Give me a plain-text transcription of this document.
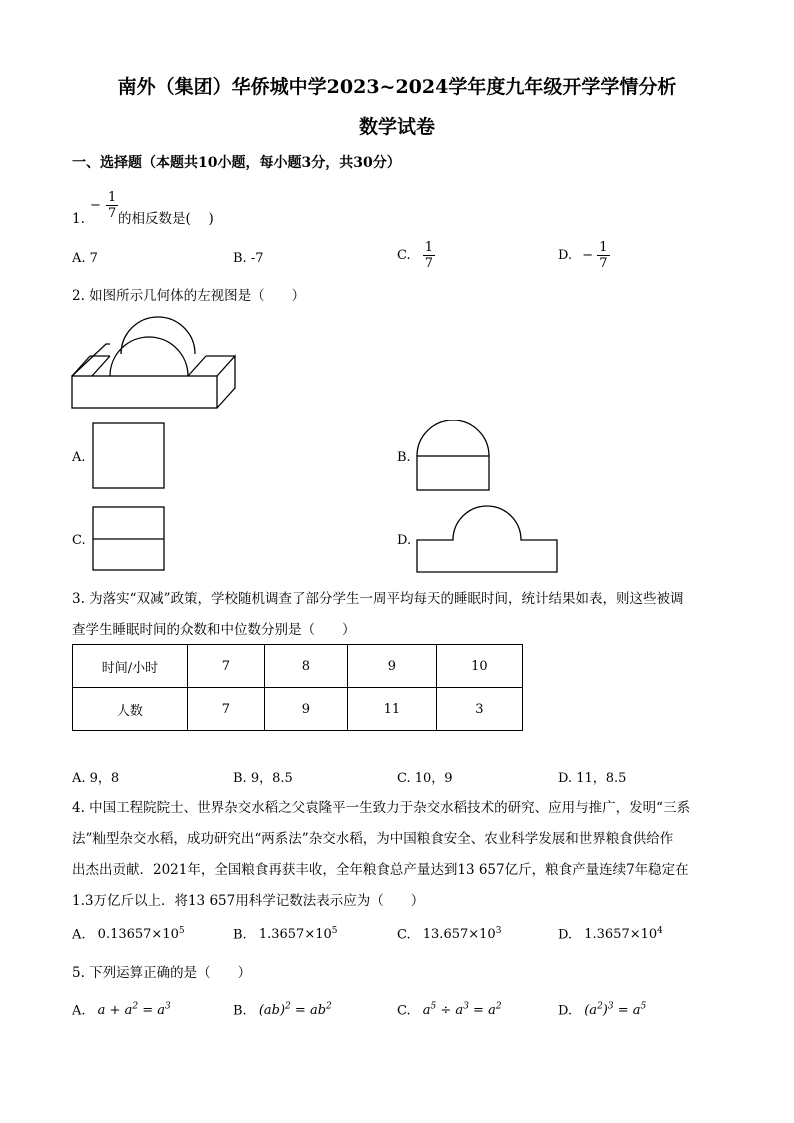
南外（集团）华侨城中学2023~2024学年度九年级开学学情分析
数学试卷
一、选择题（本题共10小题，每小题3分，共30分）
1.
− $\frac{1}{7}$ 的相反数是(　 )
A. 7	B. -7	C. $\frac{1}{7}$	D. − $\frac{1}{7}$
2. 如图所示几何体的左视图是（　　）
A.	B.
C.	D.
3. 为落实“双减”政策，学校随机调查了部分学生一周平均每天的睡眠时间，统计结果如表，则这些被调
查学生睡眠时间的众数和中位数分别是（　　）
时间/小时	7	8	9	10
人数	7	9	11	3
A. 9，8	B. 9，8.5	C. 10，9	D. 11，8.5
4. 中国工程院院士、世界杂交水稻之父袁隆平一生致力于杂交水稻技术的研究、应用与推广，发明“三系
法”籼型杂交水稻，成功研究出“两系法”杂交水稻，为中国粮食安全、农业科学发展和世界粮食供给作
出杰出贡献．2021年，全国粮食再获丰收，全年粮食总产量达到13 657亿斤，粮食产量连续7年稳定在
1.3万亿斤以上．将13 657用科学记数法表示应为（　　）
A. $0.13657\times 10^5$	B. $1.3657\times 10^5$	C. $13.657\times 10^3$	D. $1.3657\times 10^4$
5. 下列运算正确的是（　　）
A. $a + a^2 = a^3$	B. $(ab)^2 = ab^2$	C. $a^5 \div a^3 = a^2$	D. $(a^2)^3 = a^5$
